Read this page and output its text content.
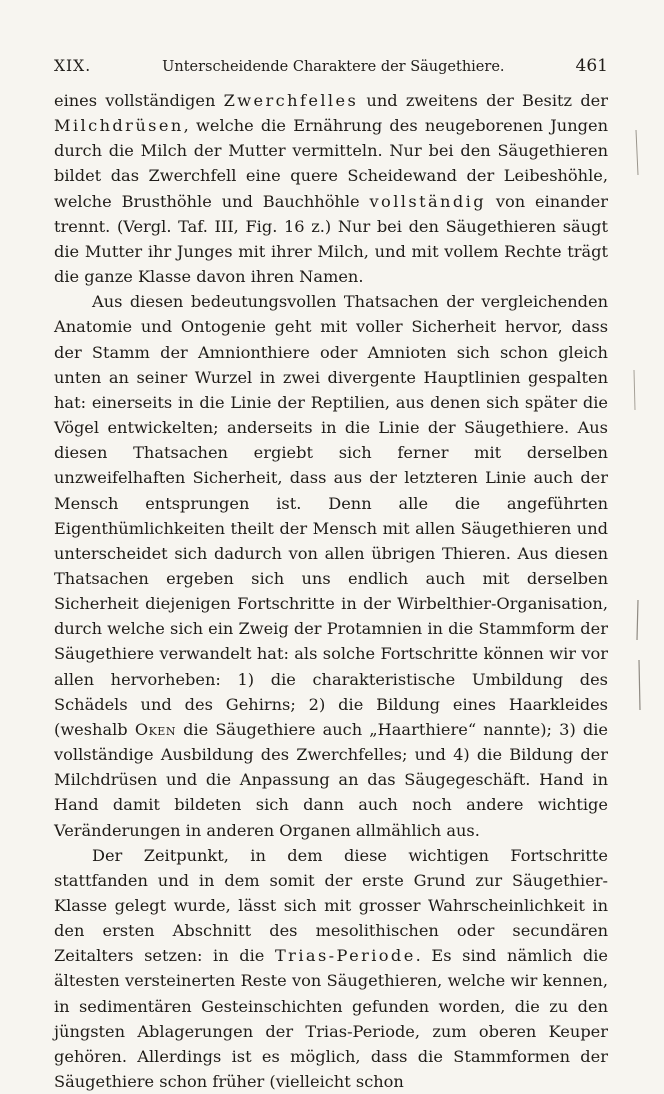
XIX.	Unterscheidende Charaktere der Säugethiere.	461

eines vollständigen Zwerchfelles und zweitens der Besitz der Milchdrüsen, welche die Ernährung des neugeborenen Jungen durch die Milch der Mutter vermitteln. Nur bei den Säugethieren bildet das Zwerchfell eine quere Scheidewand der Leibeshöhle, welche Brusthöhle und Bauchhöhle vollständig von einander trennt. (Vergl. Taf. III, Fig. 16 z.) Nur bei den Säugethieren säugt die Mutter ihr Junges mit ihrer Milch, und mit vollem Rechte trägt die ganze Klasse davon ihren Namen.

Aus diesen bedeutungsvollen Thatsachen der vergleichenden Anatomie und Ontogenie geht mit voller Sicherheit hervor, dass der Stamm der Amnionthiere oder Amnioten sich schon gleich unten an seiner Wurzel in zwei divergente Hauptlinien gespalten hat: einerseits in die Linie der Reptilien, aus denen sich später die Vögel entwickelten; anderseits in die Linie der Säugethiere. Aus diesen Thatsachen ergiebt sich ferner mit derselben unzweifelhaften Sicherheit, dass aus der letzteren Linie auch der Mensch entsprungen ist. Denn alle die angeführten Eigenthümlichkeiten theilt der Mensch mit allen Säugethieren und unterscheidet sich dadurch von allen übrigen Thieren. Aus diesen Thatsachen ergeben sich uns endlich auch mit derselben Sicherheit diejenigen Fortschritte in der Wirbelthier-Organisation, durch welche sich ein Zweig der Protamnien in die Stammform der Säugethiere verwandelt hat: als solche Fortschritte können wir vor allen hervorheben: 1) die charakteristische Umbildung des Schädels und des Gehirns; 2) die Bildung eines Haarkleides (weshalb Oken die Säugethiere auch „Haarthiere“ nannte); 3) die vollständige Ausbildung des Zwerchfelles; und 4) die Bildung der Milchdrüsen und die Anpassung an das Säugegeschäft. Hand in Hand damit bildeten sich dann auch noch andere wichtige Veränderungen in anderen Organen allmählich aus.

Der Zeitpunkt, in dem diese wichtigen Fortschritte stattfanden und in dem somit der erste Grund zur Säugethier-Klasse gelegt wurde, lässt sich mit grosser Wahrscheinlichkeit in den ersten Abschnitt des mesolithischen oder secundären Zeitalters setzen: in die Trias-Periode. Es sind nämlich die ältesten versteinerten Reste von Säugethieren, welche wir kennen, in sedimentären Gesteinschichten gefunden worden, die zu den jüngsten Ablagerungen der Trias-Periode, zum oberen Keuper gehören. Allerdings ist es möglich, dass die Stammformen der Säugethiere schon früher (vielleicht schon
